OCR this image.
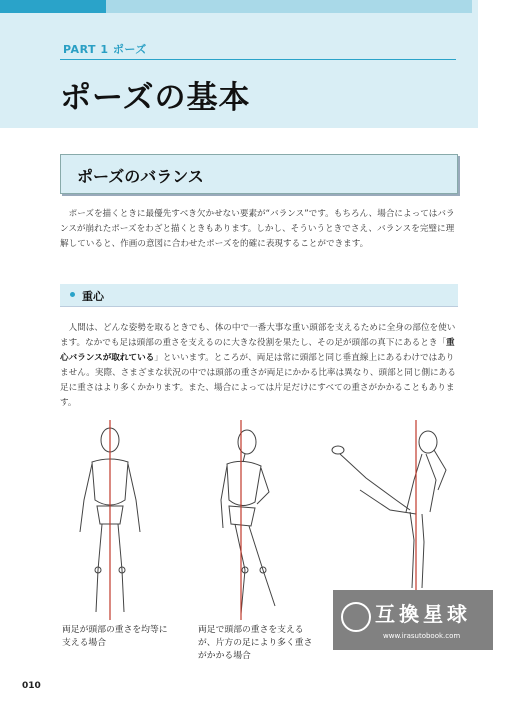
PART 1 ポーズ
ポーズの基本
ポーズのバランス
ポーズを描くときに最優先すべき欠かせない要素が“バランス”です。もちろん、場合によってはバランスが崩れたポーズをわざと描くときもあります。しかし、そういうときでさえ、バランスを完璧に理解していると、作画の意図に合わせたポーズを的確に表現することができます。
重心
人間は、どんな姿勢を取るときでも、体の中で一番大事な重い頭部を支えるために全身の部位を使います。なかでも足は頭部の重さを支えるのに大きな役割を果たし、その足が頭部の真下にあるとき「重心バランスが取れている」といいます。ところが、両足は常に頭部と同じ垂直線上にあるわけではありません。実際、さまざまな状況の中では頭部の重さが両足にかかる比率は異なり、頭部と同じ側にある足に重さはより多くかかります。また、場合によっては片足だけにすべての重さがかかることもあります。
両足が頭部の重さを均等に支える場合
両足で頭部の重さを支えるが、片方の足により多く重さがかかる場合
互換星球
www.irasutobook.com
010
